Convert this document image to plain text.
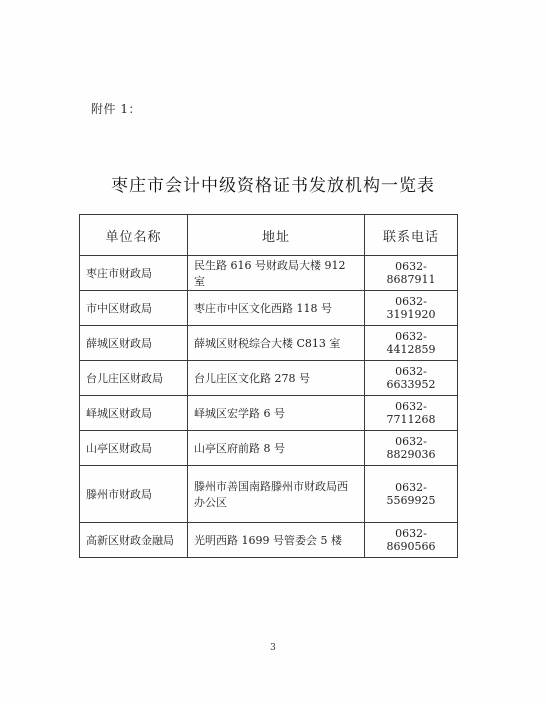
附件 1：
枣庄市会计中级资格证书发放机构一览表
单位名称	地址	联系电话
枣庄市财政局	民生路 616 号财政局大楼 912 室	0632-8687911
市中区财政局	枣庄市中区文化西路 118 号	0632-3191920
薛城区财政局	薛城区财税综合大楼 C813 室	0632-4412859
台儿庄区财政局	台儿庄区文化路 278 号	0632-6633952
峄城区财政局	峄城区宏学路 6 号	0632-7711268
山亭区财政局	山亭区府前路 8 号	0632-8829036
滕州市财政局	滕州市善国南路滕州市财政局西办公区	0632-5569925
高新区财政金融局	光明西路 1699 号管委会 5 楼	0632-8690566
3
